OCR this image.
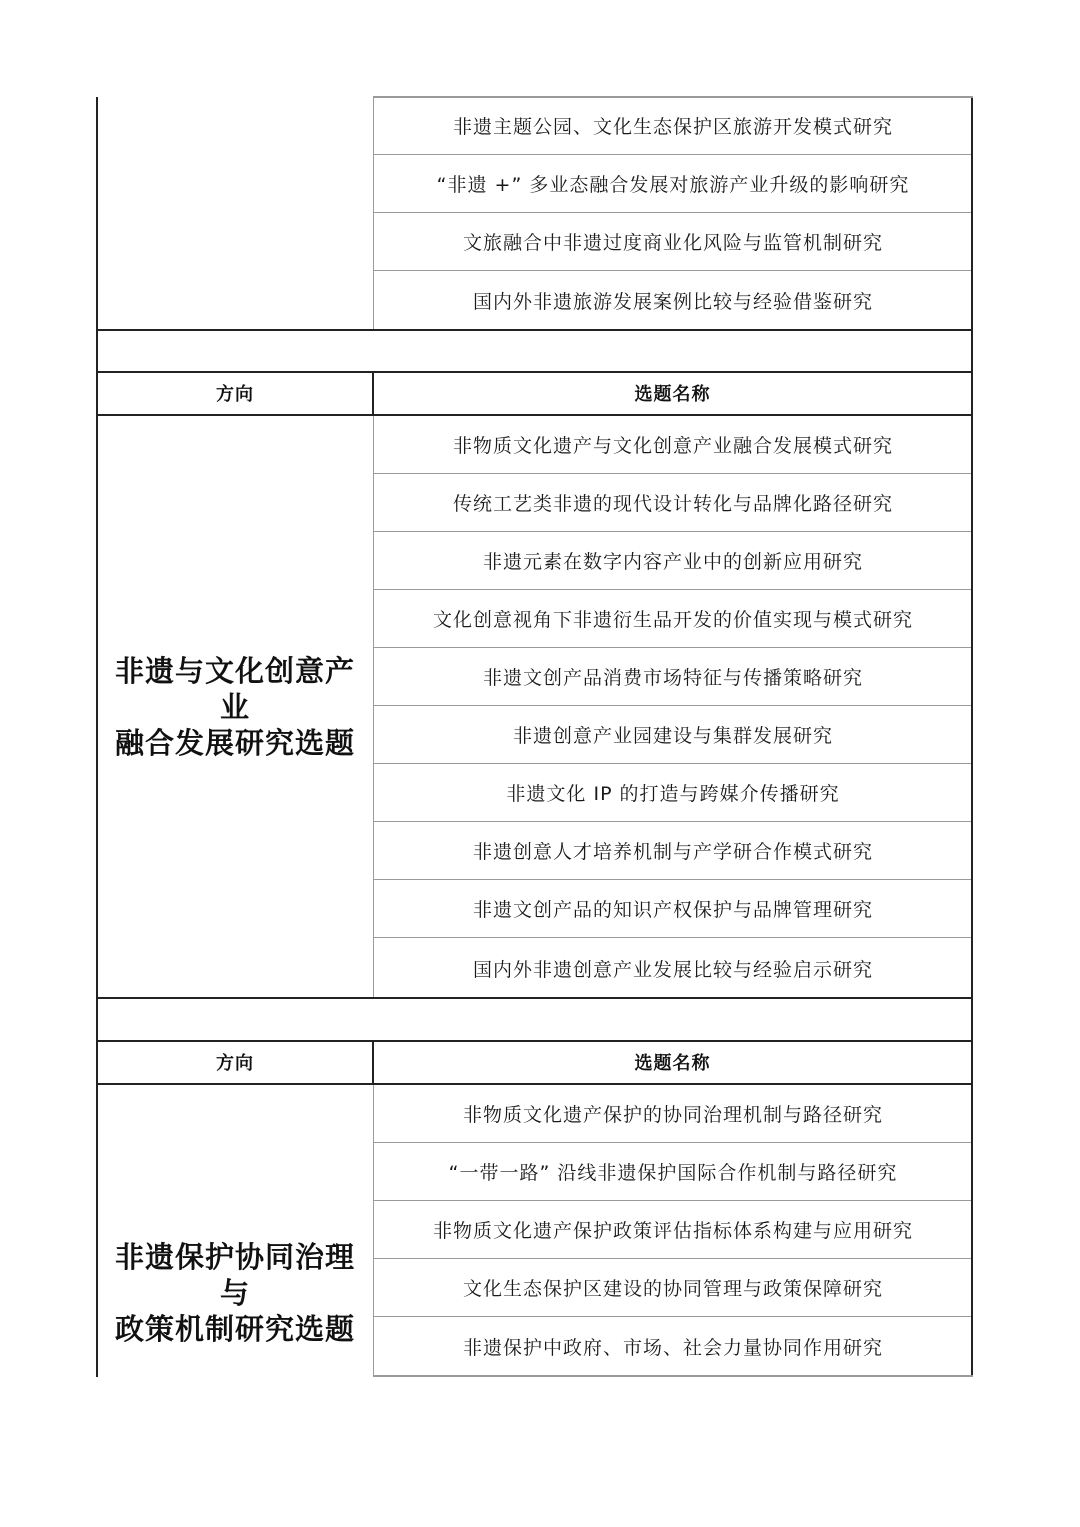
非遗主题公园、文化生态保护区旅游开发模式研究
“非遗 +” 多业态融合发展对旅游产业升级的影响研究
文旅融合中非遗过度商业化风险与监管机制研究
国内外非遗旅游发展案例比较与经验借鉴研究
方向	选题名称
非遗与文化创意产业
融合发展研究选题
非物质文化遗产与文化创意产业融合发展模式研究
传统工艺类非遗的现代设计转化与品牌化路径研究
非遗元素在数字内容产业中的创新应用研究
文化创意视角下非遗衍生品开发的价值实现与模式研究
非遗文创产品消费市场特征与传播策略研究
非遗创意产业园建设与集群发展研究
非遗文化 IP 的打造与跨媒介传播研究
非遗创意人才培养机制与产学研合作模式研究
非遗文创产品的知识产权保护与品牌管理研究
国内外非遗创意产业发展比较与经验启示研究
方向	选题名称
非遗保护协同治理与
政策机制研究选题
非物质文化遗产保护的协同治理机制与路径研究
“一带一路” 沿线非遗保护国际合作机制与路径研究
非物质文化遗产保护政策评估指标体系构建与应用研究
文化生态保护区建设的协同管理与政策保障研究
非遗保护中政府、市场、社会力量协同作用研究
